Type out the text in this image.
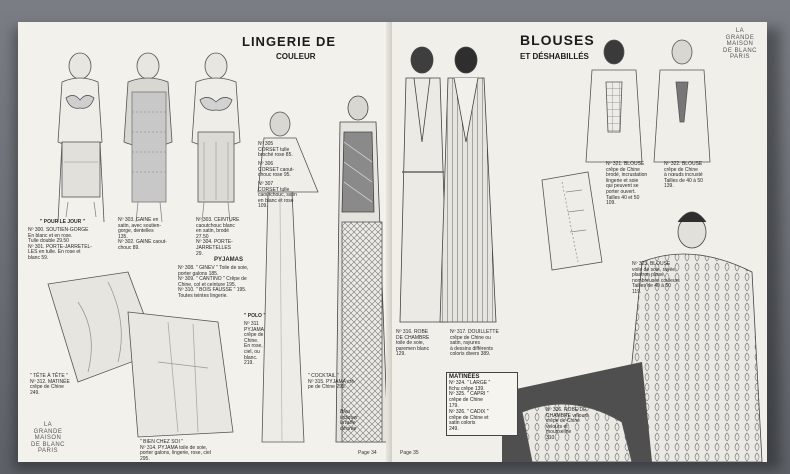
LINGERIE DE
COULEUR
" POUR LE JOUR "
Nº 300. SOUTIEN-GORGE
En blanc et en rose.
Tulle double 29.50
Nº 301. PORTE-JARRETEL-
LES en tulle. En rose et
blanc 59.
Nº 303. GAINE en
satin, avec soutien-
gorge, dentelles
135.
Nº 302. GAINE caout-
chouc 89.
Nº 303. CEINTURE
caoutchouc blanc
en satin, brodé
27.50
Nº 304. PORTE-
JARRETELLES
29.
Nº 305
CORSET tulle
broché rose 85.
Nº 306
CORSET caout-
chouc rose 95.
Nº 307
CORSET tulle
caoutchouc, satin
en blanc et rose
109.
PYJAMAS
Nº 308. " GINEV " Toile de soie,
porter galons 185.
Nº 309. " CANTINO " Crêpe de
Chine, col et ceinture 195.
Nº 310. " BOIS FAUSSE " 195.
Toutes teintes lingerie.
" POLO "
Nº 311
PYJAMA
crêpe de
Chine.
En rose,
ciel, ou
blanc.
219.
" TÊTE À TÊTE "
Nº 312. MATINÉE
crêpe de Chine
249.
" BIEN CHEZ SOI "
Nº 314. PYJAMA toile de soie,
porter galons, lingerie, rose, ciel
295.
" COCKTAIL "
Nº 315. PYJAMA crê-
pe de Chine 295.
Bleu
indiquer
la taille
désirée
LA
GRANDE
MAISON
DE BLANC
PARIS	Page 34
BLOUSES
ET DÉSHABILLÉS
LA
GRANDE
MAISON
DE BLANC
PARIS
Nº 316. ROBE
DE CHAMBRE
toile de soie,
paremen blanc
129.
Nº 317. DOUILLETTE
crêpe de Chine ou
satin, rayures
à dessins différents
coloris divers 389.
Nº 321. BLOUSE
crêpe de Chine
brodé, incrustation
lingerie et soie
qui peuvent se
porter ouvert.
Tailles 40 et 50
109.
Nº 322. BLOUSE
crêpe de Chine
à nœuds incrusté
Tailles de 40 à 50
139.
Nº 323. BLOUSE
voile de soie, rayée,
plastron plissé,
nombreuses couleurs
Tailles de 40 à 50
119.
MATINÉES
Nº 324. " LARGE "
fichu crêpe 139.
Nº 325. " CAPRI "
crêpe de Chine
179.
Nº 326. " CADIX "
crêpe de Chine et
satin coloris
249.
Nº 326. ROBE DE
CHAMBRE velours
crêpe de Chine
velours et
mousseline
310.
Page 35
